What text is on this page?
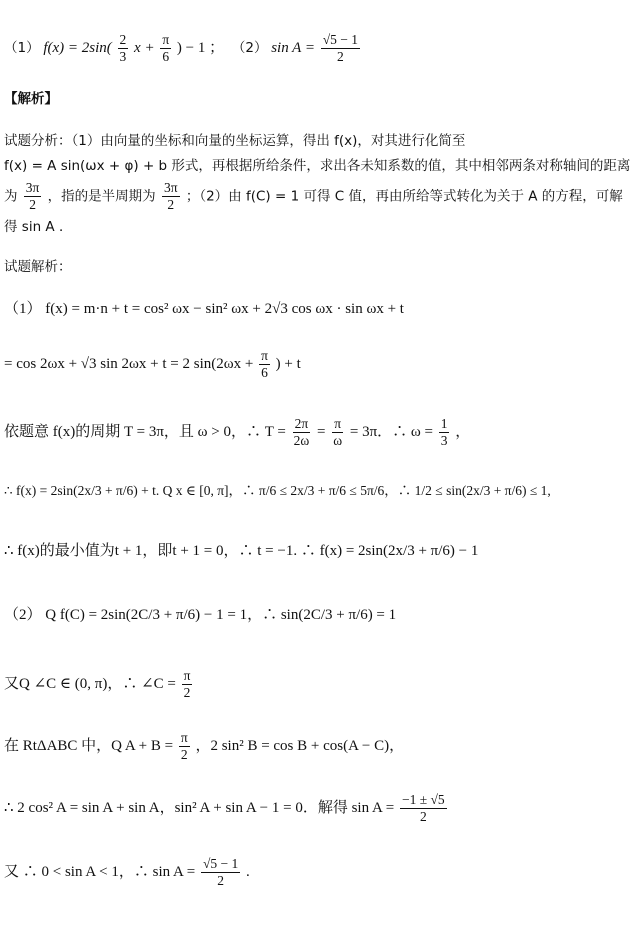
（1） $f(x) = 2\sin( \frac{2}{3}$ $x + \frac{\pi}{6}$ ) − 1 ； （2） $\sin A = \frac{√5 - 1}{2}$
【解析】
试题分析：（1）由向量的坐标和向量的坐标运算，得出 f(x)，对其进行化简至
f(x) = A sin(ωx + φ) + b 形式，再根据所给条件，求出各未知系数的值，其中相邻两条对称轴间的距离
为 $\frac{3\pi}{2}$ ，指的是半周期为 $\frac{3\pi}{2}$ ；（2）由 f(C) = 1 可得 C 值，再由所给等式转化为关于 A 的方程，可解
得 sin A ．
试题解析：
（1） f(x) = m·n + t = cos² ωx − sin² ωx + 2√3 cos ωx · sin ωx + t
= cos 2ωx + √3 sin 2ωx + t = 2 $\sin(2\omega x + \frac{\pi}{6}$ ) + t
依题意 f(x)的周期 T = 3π，且 ω > 0，∴ $T = \frac{2\pi}{2\omega} = \frac{\pi}{\omega} = 3\pi$．∴ $\omega = \frac{1}{3}$ ，
∴ f(x) = 2sin(2x/3 + π/6) + t. Q x ∈ [0, π]，∴ π/6 ≤ 2x/3 + π/6 ≤ 5π/6，∴ 1/2 ≤ sin(2x/3 + π/6) ≤ 1,
∴ f(x)的最小值为t + 1，即t + 1 = 0，∴ t = −1. ∴ f(x) = 2sin(2x/3 + π/6) − 1
（2） Q f(C) = 2sin(2C/3 + π/6) − 1 = 1，∴ sin(2C/3 + π/6) = 1
又Q ∠C ∈ (0, π)，∴ ∠C = $\frac{\pi}{2}$
在 RtΔABC 中，Q $A + B = \frac{\pi}{2}$ ，2 sin² B = cos B + cos(A − C)，
∴ 2 cos² A = sin A + sin A，sin² A + sin A − 1 = 0．解得 $\sin A = \frac{-1 \pm √5}{2}$
又 ∴ 0 < sin A < 1，∴ $\sin A = \frac{√5 - 1}{2}$ .
